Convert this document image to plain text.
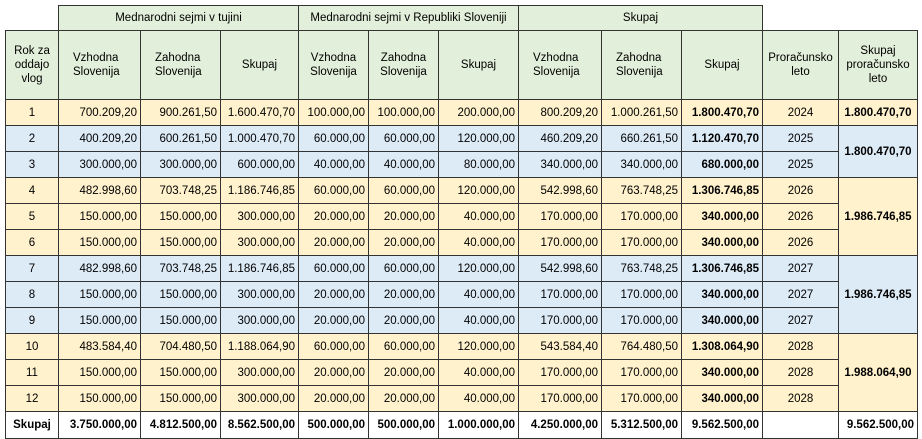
	Mednarodni sejmi v tujini			Mednarodni sejmi v Republiki Sloveniji			Skupaj				
Rok za oddajo vlog	Vzhodna Slovenija	Zahodna Slovenija	Skupaj	Vzhodna Slovenija	Zahodna Slovenija	Skupaj	Vzhodna Slovenija	Zahodna Slovenija	Skupaj	Proračunsko leto	Skupaj proračunsko leto
1	700.209,20	900.261,50	1.600.470,70	100.000,00	100.000,00	200.000,00	800.209,20	1.000.261,50	1.800.470,70	2024	1.800.470,70
2	400.209,20	600.261,50	1.000.470,70	60.000,00	60.000,00	120.000,00	460.209,20	660.261,50	1.120.470,70	2025	1.800.470,70
3	300.000,00	300.000,00	600.000,00	40.000,00	40.000,00	80.000,00	340.000,00	340.000,00	680.000,00	2025	
4	482.998,60	703.748,25	1.186.746,85	60.000,00	60.000,00	120.000,00	542.998,60	763.748,25	1.306.746,85	2026	1.986.746,85
5	150.000,00	150.000,00	300.000,00	20.000,00	20.000,00	40.000,00	170.000,00	170.000,00	340.000,00	2026	
6	150.000,00	150.000,00	300.000,00	20.000,00	20.000,00	40.000,00	170.000,00	170.000,00	340.000,00	2026	
7	482.998,60	703.748,25	1.186.746,85	60.000,00	60.000,00	120.000,00	542.998,60	763.748,25	1.306.746,85	2027	1.986.746,85
8	150.000,00	150.000,00	300.000,00	20.000,00	20.000,00	40.000,00	170.000,00	170.000,00	340.000,00	2027	
9	150.000,00	150.000,00	300.000,00	20.000,00	20.000,00	40.000,00	170.000,00	170.000,00	340.000,00	2027	
10	483.584,40	704.480,50	1.188.064,90	60.000,00	60.000,00	120.000,00	543.584,40	764.480,50	1.308.064,90	2028	1.988.064,90
11	150.000,00	150.000,00	300.000,00	20.000,00	20.000,00	40.000,00	170.000,00	170.000,00	340.000,00	2028	
12	150.000,00	150.000,00	300.000,00	20.000,00	20.000,00	40.000,00	170.000,00	170.000,00	340.000,00	2028	
Skupaj	3.750.000,00	4.812.500,00	8.562.500,00	500.000,00	500.000,00	1.000.000,00	4.250.000,00	5.312.500,00	9.562.500,00		9.562.500,00
